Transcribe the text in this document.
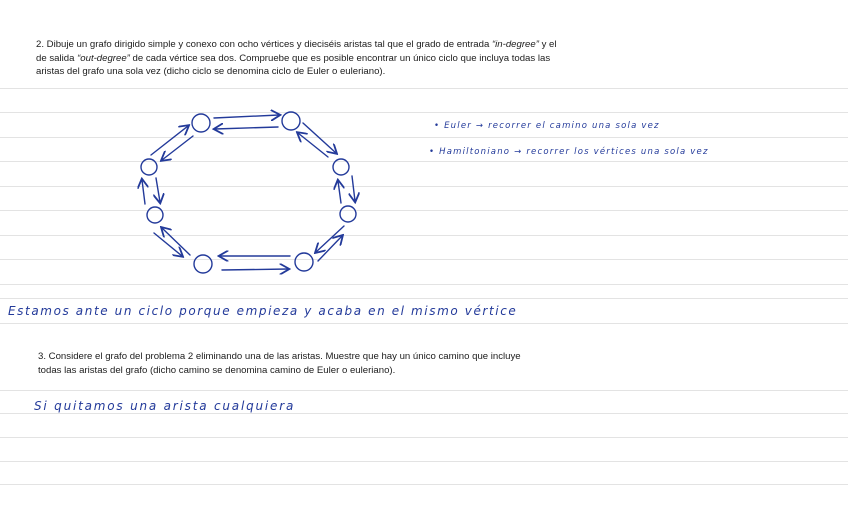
2. Dibuje un grafo dirigido simple y conexo con ocho vértices y dieciséis aristas tal que el grado de entrada “in-degree” y el de salida “out-degree” de cada vértice sea dos. Compruebe que es posible encontrar un único ciclo que incluya todas las aristas del grafo una sola vez (dicho ciclo se denomina ciclo de Euler o euleriano).
• Euler → recorrer el camino una sola vez
• Hamiltoniano → recorrer los vértices una sola vez
Estamos ante un ciclo porque empieza y acaba en el mismo vértice
3. Considere el grafo del problema 2 eliminando una de las aristas. Muestre que hay un único camino que incluye todas las aristas del grafo (dicho camino se denomina camino de Euler o euleriano).
Si quitamos una arista cualquiera
